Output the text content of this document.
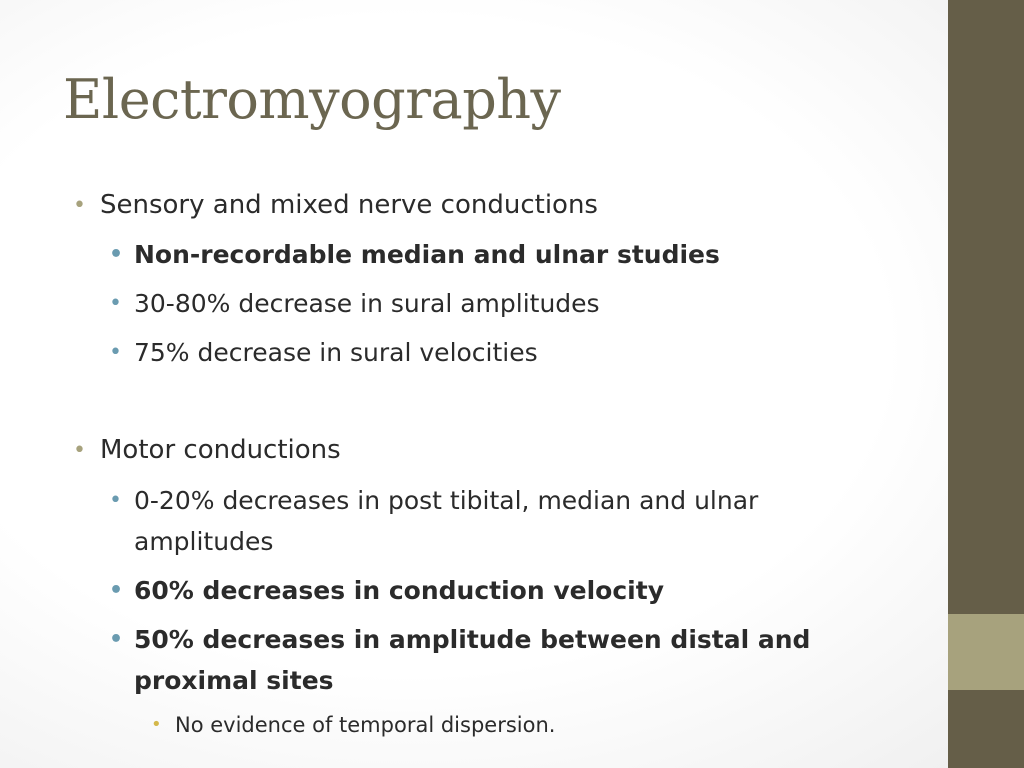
Electromyography
• Sensory and mixed nerve conductions
• Non-recordable median and ulnar studies
• 30-80% decrease in sural amplitudes
• 75% decrease in sural velocities
• Motor conductions
• 0-20% decreases in post tibital, median and ulnar amplitudes
• 60% decreases in conduction velocity
• 50% decreases in amplitude between distal and proximal sites
• No evidence of temporal dispersion.
